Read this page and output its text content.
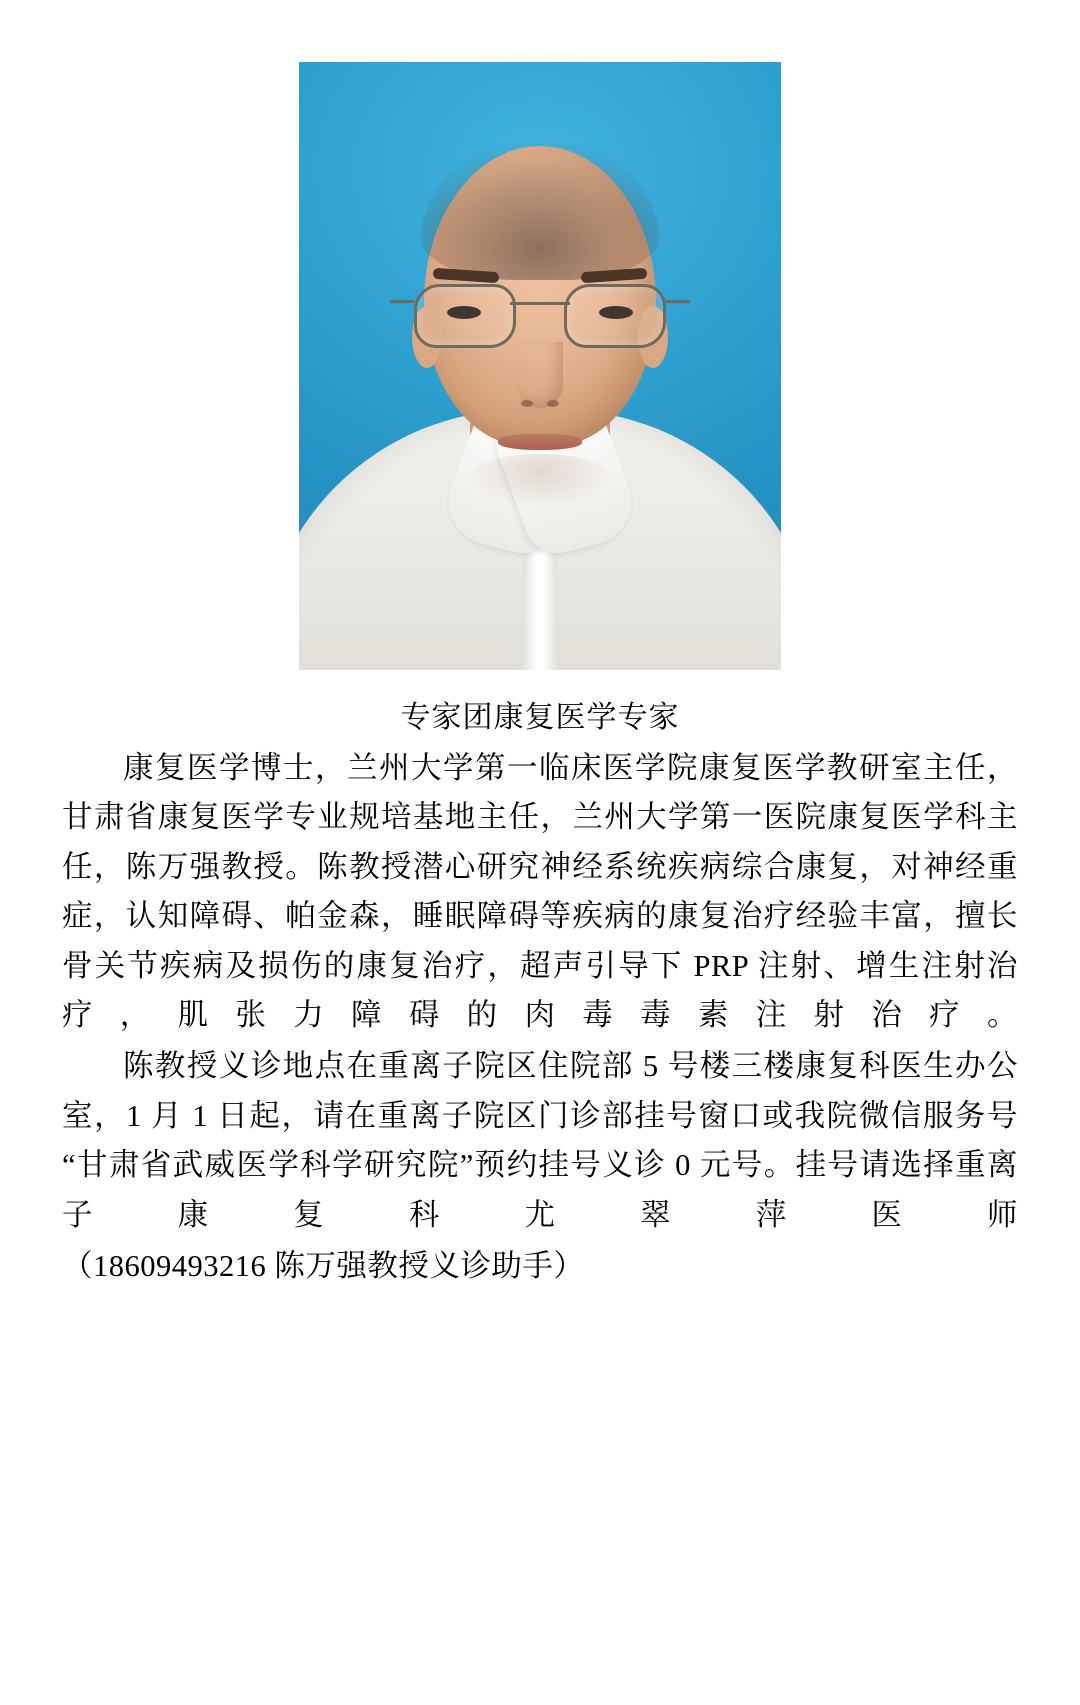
专家团康复医学专家

康复医学博士，兰州大学第一临床医学院康复医学教研室主任，甘肃省康复医学专业规培基地主任，兰州大学第一医院康复医学科主任，陈万强教授。陈教授潜心研究神经系统疾病综合康复，对神经重症，认知障碍、帕金森，睡眠障碍等疾病的康复治疗经验丰富，擅长骨关节疾病及损伤的康复治疗，超声引导下 PRP 注射、增生注射治疗，肌张力障碍的肉毒毒素注射治疗。

陈教授义诊地点在重离子院区住院部 5 号楼三楼康复科医生办公室，1 月 1 日起，请在重离子院区门诊部挂号窗口或我院微信服务号“甘肃省武威医学科学研究院”预约挂号义诊 0 元号。挂号请选择重离子康复科尤翠萍医师

（18609493216 陈万强教授义诊助手）
